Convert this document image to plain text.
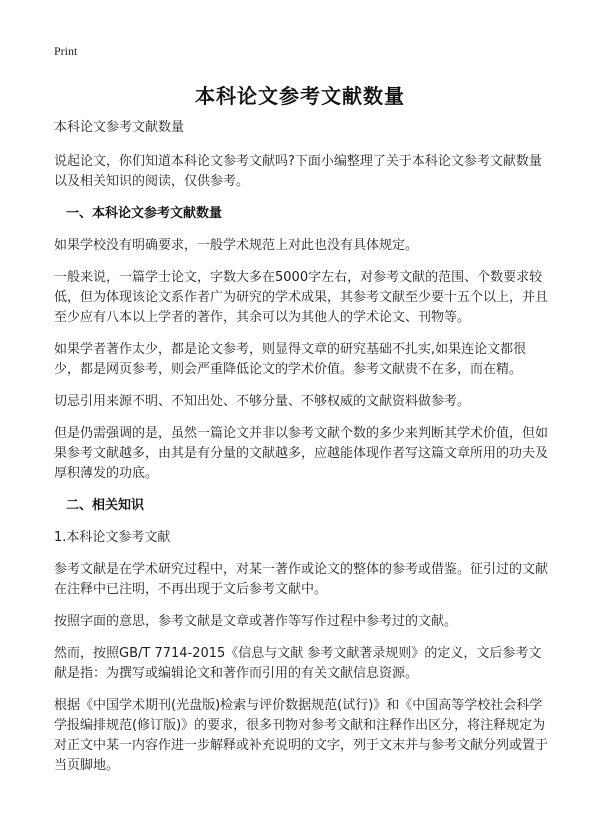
Print
本科论文参考文献数量

本科论文参考文献数量

说起论文，你们知道本科论文参考文献吗?下面小编整理了关于本科论文参考文献数量以及相关知识的阅读，仅供参考。

一、本科论文参考文献数量

如果学校没有明确要求，一般学术规范上对此也没有具体规定。

一般来说，一篇学士论文，字数大多在5000字左右，对参考文献的范围、个数要求较低，但为体现该论文系作者广为研究的学术成果，其参考文献至少要十五个以上，并且至少应有八本以上学者的著作，其余可以为其他人的学术论文、刊物等。

如果学者著作太少，都是论文参考，则显得文章的研究基础不扎实,如果连论文都很少，都是网页参考，则会严重降低论文的学术价值。参考文献贵不在多，而在精。

切忌引用来源不明、不知出处、不够分量、不够权威的文献资料做参考。

但是仍需强调的是，虽然一篇论文并非以参考文献个数的多少来判断其学术价值，但如果参考文献越多，由其是有分量的文献越多，应越能体现作者写这篇文章所用的功夫及厚积薄发的功底。

二、相关知识

1.本科论文参考文献

参考文献是在学术研究过程中，对某一著作或论文的整体的参考或借鉴。征引过的文献在注释中已注明，不再出现于文后参考文献中。

按照字面的意思，参考文献是文章或著作等写作过程中参考过的文献。

然而，按照GB/T 7714-2015《信息与文献 参考文献著录规则》的定义，文后参考文献是指：为撰写或编辑论文和著作而引用的有关文献信息资源。

根据《中国学术期刊(光盘版)检索与评价数据规范(试行)》和《中国高等学校社会科学学报编排规范(修订版)》的要求，很多刊物对参考文献和注释作出区分，将注释规定为对正文中某一内容作进一步解释或补充说明的文字，列于文末并与参考文献分列或置于当页脚地。
